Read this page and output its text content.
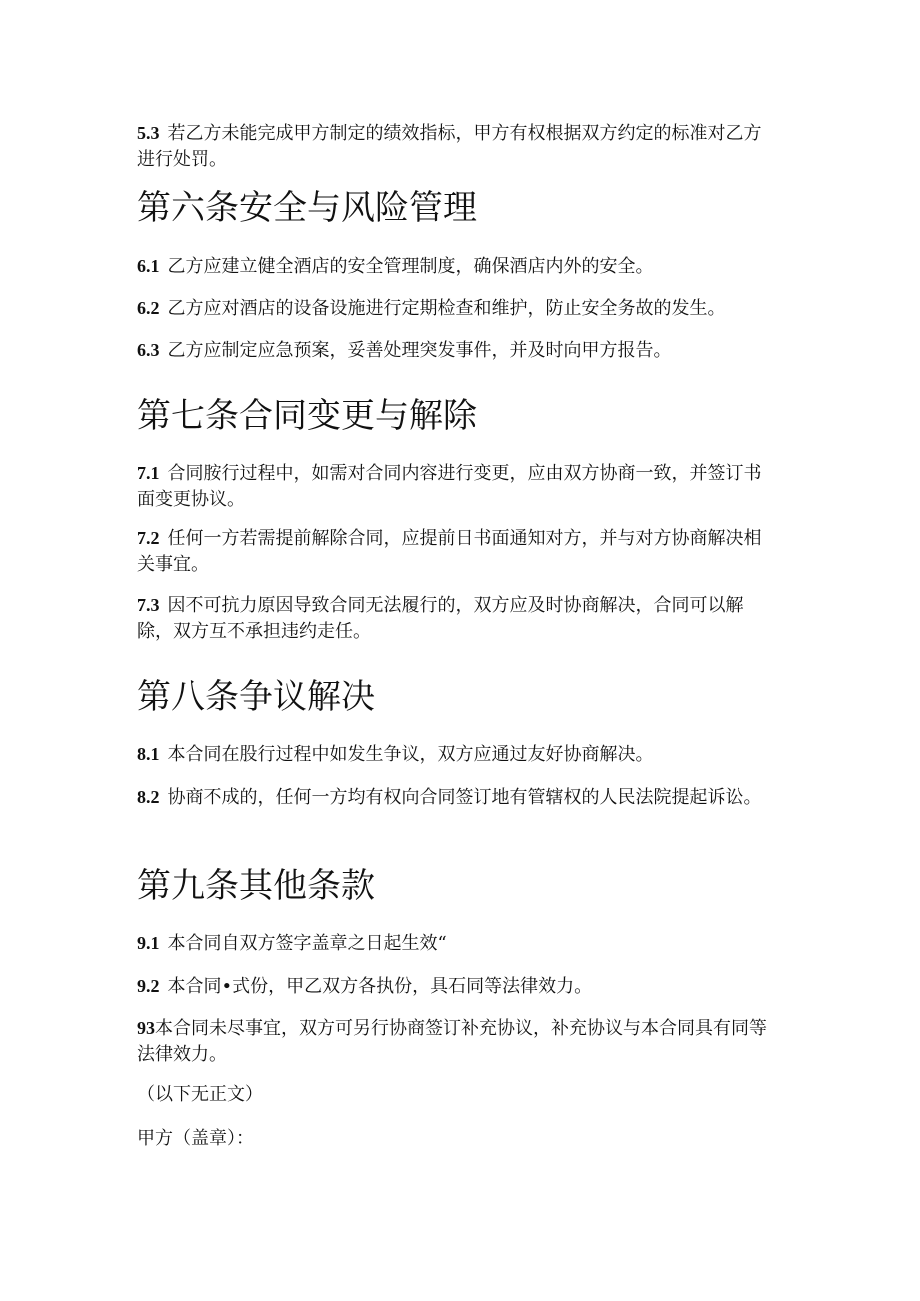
5.3 若乙方未能完成甲方制定的绩效指标，甲方有权根据双方约定的标准对乙方进行处罚。

第六条安全与风险管理

6.1 乙方应建立健全酒店的安全管理制度，确保酒店内外的安全。

6.2 乙方应对酒店的设备设施进行定期检查和维护，防止安全务故的发生。

6.3 乙方应制定应急预案，妥善处理突发事件，并及时向甲方报告。

第七条合同变更与解除

7.1 合同胺行过程中，如需对合同内容进行变更，应由双方协商一致，并签订书面变更协议。

7.2 任何一方若需提前解除合同，应提前日书面通知对方，并与对方协商解决相关事宜。

7.3 因不可抗力原因导致合同无法履行的，双方应及时协商解决，合同可以解除，双方互不承担违约走任。

第八条争议解决

8.1 本合同在股行过程中如发生争议，双方应通过友好协商解决。

8.2 协商不成的，任何一方均有权向合同签订地有管辖权的人民法院提起诉讼。

第九条其他条款

9.1 本合同自双方签字盖章之日起生效“

9.2 本合同•式份，甲乙双方各执份，具石同等法律效力。

93本合同未尽事宜，双方可另行协商签订补充协议，补充协议与本合同具有同等法律效力。

（以下无正文）

甲方（盖章）：
